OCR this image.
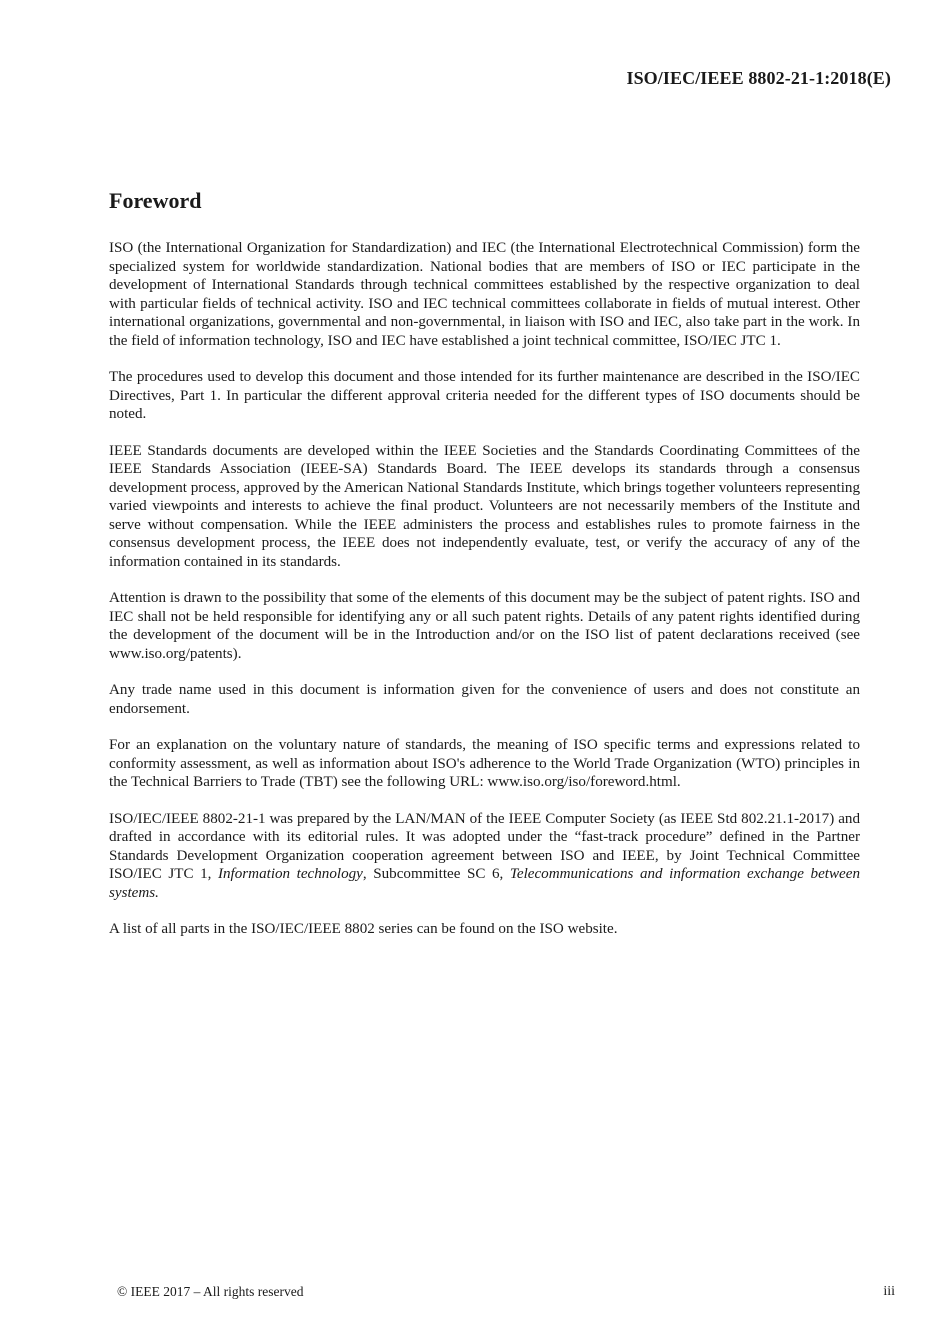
ISO/IEC/IEEE 8802-21-1:2018(E)
Foreword

ISO (the International Organization for Standardization) and IEC (the International Electrotechnical Commission) form the specialized system for worldwide standardization. National bodies that are members of ISO or IEC participate in the development of International Standards through technical committees established by the respective organization to deal with particular fields of technical activity. ISO and IEC technical committees collaborate in fields of mutual interest. Other international organizations, governmental and non-governmental, in liaison with ISO and IEC, also take part in the work. In the field of information technology, ISO and IEC have established a joint technical committee, ISO/IEC JTC 1.

The procedures used to develop this document and those intended for its further maintenance are described in the ISO/IEC Directives, Part 1. In particular the different approval criteria needed for the different types of ISO documents should be noted.

IEEE Standards documents are developed within the IEEE Societies and the Standards Coordinating Committees of the IEEE Standards Association (IEEE-SA) Standards Board. The IEEE develops its standards through a consensus development process, approved by the American National Standards Institute, which brings together volunteers representing varied viewpoints and interests to achieve the final product. Volunteers are not necessarily members of the Institute and serve without compensation. While the IEEE administers the process and establishes rules to promote fairness in the consensus development process, the IEEE does not independently evaluate, test, or verify the accuracy of any of the information contained in its standards.

Attention is drawn to the possibility that some of the elements of this document may be the subject of patent rights. ISO and IEC shall not be held responsible for identifying any or all such patent rights. Details of any patent rights identified during the development of the document will be in the Introduction and/or on the ISO list of patent declarations received (see www.iso.org/patents).

Any trade name used in this document is information given for the convenience of users and does not constitute an endorsement.

For an explanation on the voluntary nature of standards, the meaning of ISO specific terms and expressions related to conformity assessment, as well as information about ISO's adherence to the World Trade Organization (WTO) principles in the Technical Barriers to Trade (TBT) see the following URL: www.iso.org/iso/foreword.html.

ISO/IEC/IEEE 8802-21-1 was prepared by the LAN/MAN of the IEEE Computer Society (as IEEE Std 802.21.1-2017) and drafted in accordance with its editorial rules. It was adopted under the “fast-track procedure” defined in the Partner Standards Development Organization cooperation agreement between ISO and IEEE, by Joint Technical Committee ISO/IEC JTC 1, Information technology, Subcommittee SC 6, Telecommunications and information exchange between systems.

A list of all parts in the ISO/IEC/IEEE 8802 series can be found on the ISO website.

© IEEE 2017 – All rights reserved	iii
